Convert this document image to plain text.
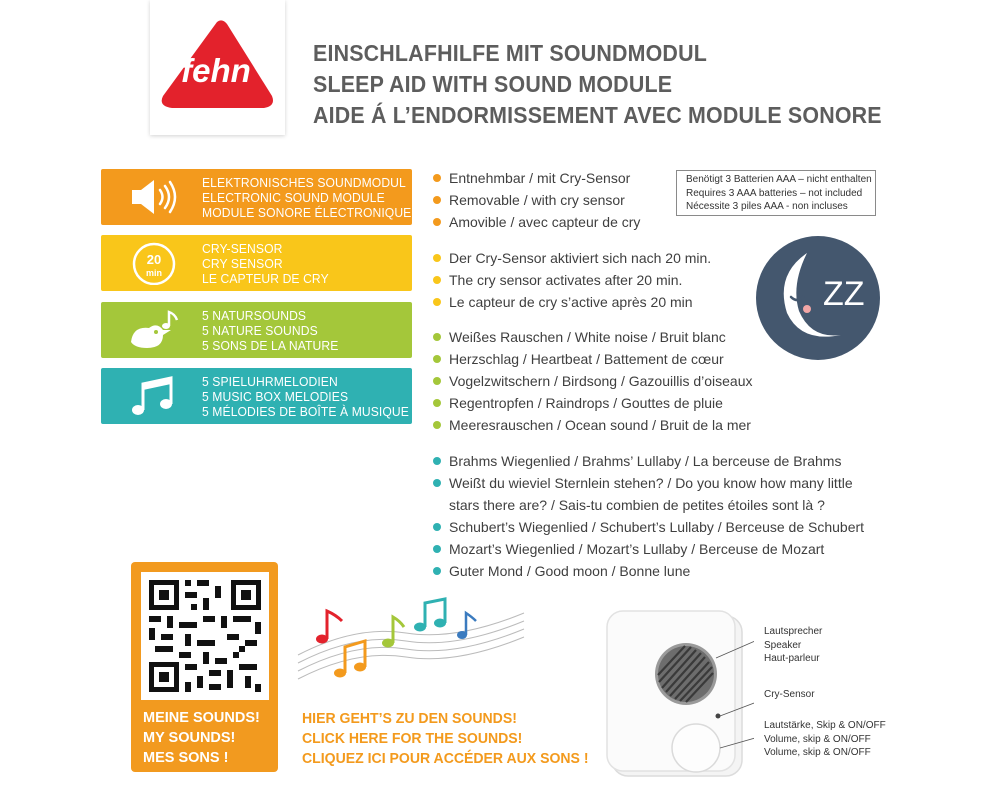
fehn	EINSCHLAFHILFE MIT SOUNDMODUL
SLEEP AID WITH SOUND MODULE
AIDE Á L’ENDORMISSEMENT AVEC MODULE SONORE
ELEKTRONISCHES SOUNDMODUL
ELECTRONIC SOUND MODULE
MODULE SONORE ÉLECTRONIQUE
20
min
CRY-SENSOR
CRY SENSOR
LE CAPTEUR DE CRY
5 NATURSOUNDS
5 NATURE SOUNDS
5 SONS DE LA NATURE
5 SPIELUHRMELODIEN
5 MUSIC BOX MELODIES
5 MÉLODIES DE BOÎTE À MUSIQUE
Benötigt 3 Batterien AAA – nicht enthalten
Requires 3 AAA batteries – not included
Nécessite 3 piles AAA - non incluses
Entnehmbar / mit Cry-Sensor
Removable / with cry sensor
Amovible / avec capteur de cry
Der Cry-Sensor aktiviert sich nach 20 min.
The cry sensor activates after 20 min.
Le capteur de cry s’active après 20 min
Weißes Rauschen / White noise / Bruit blanc
Herzschlag / Heartbeat / Battement de cœur
Vogelzwitschern / Birdsong / Gazouillis d’oiseaux
Regentropfen / Raindrops / Gouttes de pluie
Meeresrauschen / Ocean sound / Bruit de la mer
Brahms Wiegenlied / Brahms’ Lullaby / La berceuse de Brahms
Weißt du wieviel Sternlein stehen? / Do you know how many little
stars there are? / Sais-tu combien de petites étoiles sont là ?
Schubert’s Wiegenlied / Schubert’s Lullaby / Berceuse de Schubert
Mozart’s Wiegenlied / Mozart’s Lullaby / Berceuse de Mozart
Guter Mond / Good moon / Bonne lune
ZZ
MEINE SOUNDS!
MY SOUNDS!
MES SONS !
HIER GEHT’S ZU DEN SOUNDS!
CLICK HERE FOR THE SOUNDS!
CLIQUEZ ICI POUR ACCÉDER AUX SONS !
Lautsprecher
Speaker
Haut-parleur
Cry-Sensor
Lautstärke, Skip & ON/OFF
Volume, skip & ON/OFF
Volume, skip & ON/OFF
